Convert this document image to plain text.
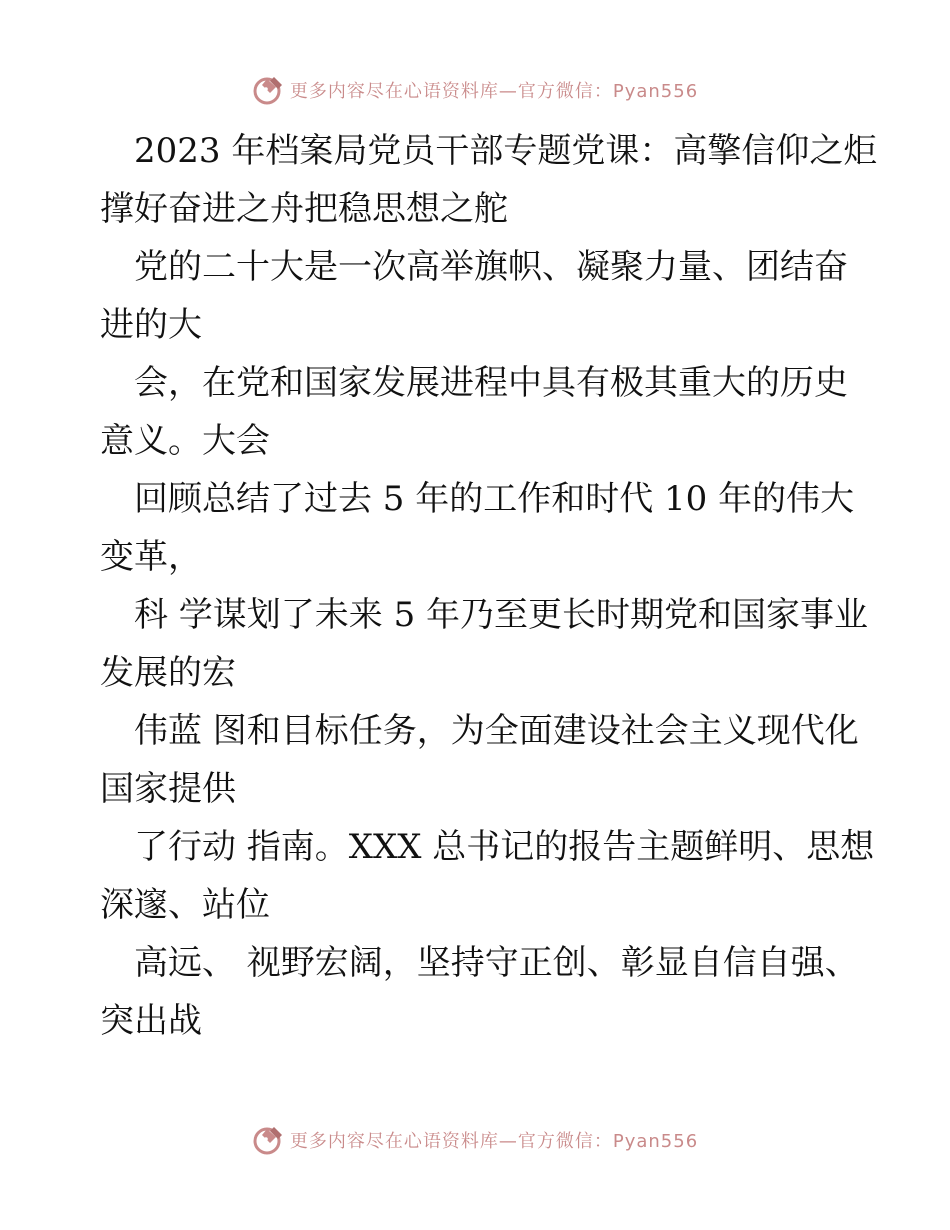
更多内容尽在心语资料库—官方微信：Pyan556

2023 年档案局党员干部专题党课：高擎信仰之炬撑好奋进之舟把稳思想之舵

党的二十大是一次高举旗帜、凝聚力量、团结奋进的大

会，在党和国家发展进程中具有极其重大的历史意义。大会

回顾总结了过去 5 年的工作和时代 10 年的伟大变革，

科 学谋划了未来 5 年乃至更长时期党和国家事业发展的宏

伟蓝 图和目标任务，为全面建设社会主义现代化国家提供

了行动 指南。XXX 总书记的报告主题鲜明、思想深邃、站位

高远、 视野宏阔，坚持守正创、彰显自信自强、突出战

更多内容尽在心语资料库—官方微信：Pyan556
